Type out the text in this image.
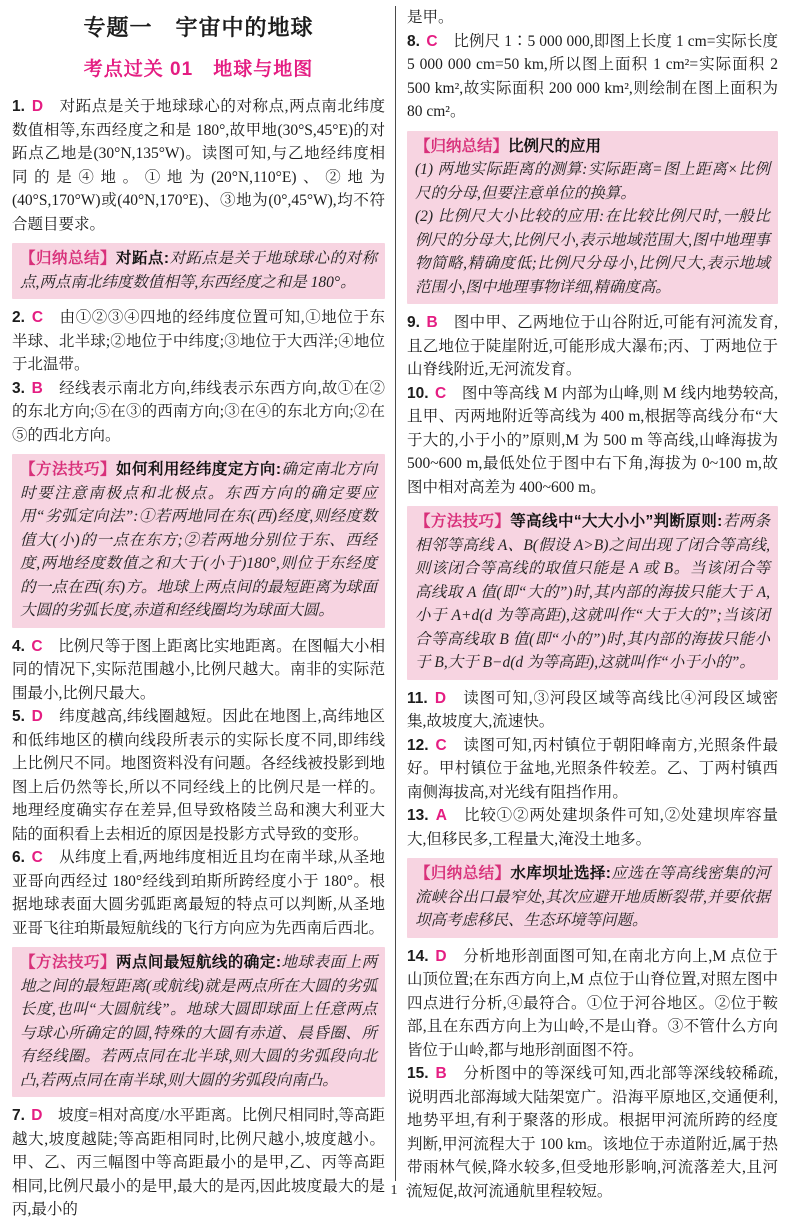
专题一　宇宙中的地球
考点过关 01　地球与地图

1. D　对跖点是关于地球球心的对称点,两点南北纬度数值相等,东西经度之和是 180°,故甲地(30°S,45°E)的对跖点乙地是(30°N,135°W)。读图可知,与乙地经纬度相同的是④地。①地为(20°N,110°E)、②地为(40°S,170°W)或(40°N,170°E)、③地为(0°,45°W),均不符合题目要求。

【归纳总结】对跖点:对跖点是关于地球球心的对称点,两点南北纬度数值相等,东西经度之和是 180°。

2. C　由①②③④四地的经纬度位置可知,①地位于东半球、北半球;②地位于中纬度;③地位于大西洋;④地位于北温带。

3. B　经线表示南北方向,纬线表示东西方向,故①在②的东北方向;⑤在③的西南方向;③在④的东北方向;②在⑤的西北方向。

【方法技巧】如何利用经纬度定方向:确定南北方向时要注意南极点和北极点。东西方向的确定要应用“劣弧定向法”:①若两地同在东(西)经度,则经度数值大(小)的一点在东方;②若两地分别位于东、西经度,两地经度数值之和大于(小于)180°,则位于东经度的一点在西(东)方。地球上两点间的最短距离为球面大圆的劣弧长度,赤道和经线圈均为球面大圆。

4. C　比例尺等于图上距离比实地距离。在图幅大小相同的情况下,实际范围越小,比例尺越大。南非的实际范围最小,比例尺最大。

5. D　纬度越高,纬线圈越短。因此在地图上,高纬地区和低纬地区的横向线段所表示的实际长度不同,即纬线上比例尺不同。地图资料没有问题。各经线被投影到地图上后仍然等长,所以不同经线上的比例尺是一样的。地理经度确实存在差异,但导致格陵兰岛和澳大利亚大陆的面积看上去相近的原因是投影方式导致的变形。

6. C　从纬度上看,两地纬度相近且均在南半球,从圣地亚哥向西经过 180°经线到珀斯所跨经度小于 180°。根据地球表面大圆劣弧距离最短的特点可以判断,从圣地亚哥飞往珀斯最短航线的飞行方向应为先西南后西北。

【方法技巧】两点间最短航线的确定:地球表面上两地之间的最短距离(或航线)就是两点所在大圆的劣弧长度,也叫“大圆航线”。地球大圆即球面上任意两点与球心所确定的圆,特殊的大圆有赤道、晨昏圈、所有经线圈。若两点同在北半球,则大圆的劣弧段向北凸,若两点同在南半球,则大圆的劣弧段向南凸。

7. D　坡度=相对高度/水平距离。比例尺相同时,等高距越大,坡度越陡;等高距相同时,比例尺越小,坡度越小。甲、乙、丙三幅图中等高距最小的是甲,乙、丙等高距相同,比例尺最小的是甲,最大的是丙,因此坡度最大的是丙,最小的

是甲。

8. C　比例尺 1∶5 000 000,即图上长度 1 cm=实际长度 5 000 000 cm=50 km,所以图上面积 1 cm²=实际面积 2 500 km²,故实际面积 200 000 km²,则绘制在图上面积为 80 cm²。

【归纳总结】比例尺的应用

(1) 两地实际距离的测算:实际距离=图上距离×比例尺的分母,但要注意单位的换算。

(2) 比例尺大小比较的应用:在比较比例尺时,一般比例尺的分母大,比例尺小,表示地域范围大,图中地理事物简略,精确度低;比例尺分母小,比例尺大,表示地域范围小,图中地理事物详细,精确度高。

9. B　图中甲、乙两地位于山谷附近,可能有河流发育,且乙地位于陡崖附近,可能形成大瀑布;丙、丁两地位于山脊线附近,无河流发育。

10. C　图中等高线 M 内部为山峰,则 M 线内地势较高,且甲、丙两地附近等高线为 400 m,根据等高线分布“大于大的,小于小的”原则,M 为 500 m 等高线,山峰海拔为 500~600 m,最低处位于图中右下角,海拔为 0~100 m,故图中相对高差为 400~600 m。

【方法技巧】等高线中“大大小小”判断原则:若两条相邻等高线 A、B(假设 A>B)之间出现了闭合等高线,则该闭合等高线的取值只能是 A 或 B。当该闭合等高线取 A 值(即“大的”)时,其内部的海拔只能大于 A,小于 A+d(d 为等高距),这就叫作“大于大的”;当该闭合等高线取 B 值(即“小的”)时,其内部的海拔只能小于 B,大于 B−d(d 为等高距),这就叫作“小于小的”。

11. D　读图可知,③河段区域等高线比④河段区域密集,故坡度大,流速快。

12. C　读图可知,丙村镇位于朝阳峰南方,光照条件最好。甲村镇位于盆地,光照条件较差。乙、丁两村镇西南侧海拔高,对光线有阻挡作用。

13. A　比较①②两处建坝条件可知,②处建坝库容量大,但移民多,工程量大,淹没土地多。

【归纳总结】水库坝址选择:应选在等高线密集的河流峡谷出口最窄处,其次应避开地质断裂带,并要依据坝高考虑移民、生态环境等问题。

14. D　分析地形剖面图可知,在南北方向上,M 点位于山顶位置;在东西方向上,M 点位于山脊位置,对照左图中四点进行分析,④最符合。①位于河谷地区。②位于鞍部,且在东西方向上为山岭,不是山脊。③不管什么方向皆位于山岭,都与地形剖面图不符。

15. B　分析图中的等深线可知,西北部等深线较稀疏,说明西北部海域大陆架宽广。沿海平原地区,交通便利,地势平坦,有利于聚落的形成。根据甲河流所跨的经度判断,甲河流程大于 100 km。该地位于赤道附近,属于热带雨林气候,降水较多,但受地形影响,河流落差大,且河流短促,故河流通航里程较短。

· 1 ·
